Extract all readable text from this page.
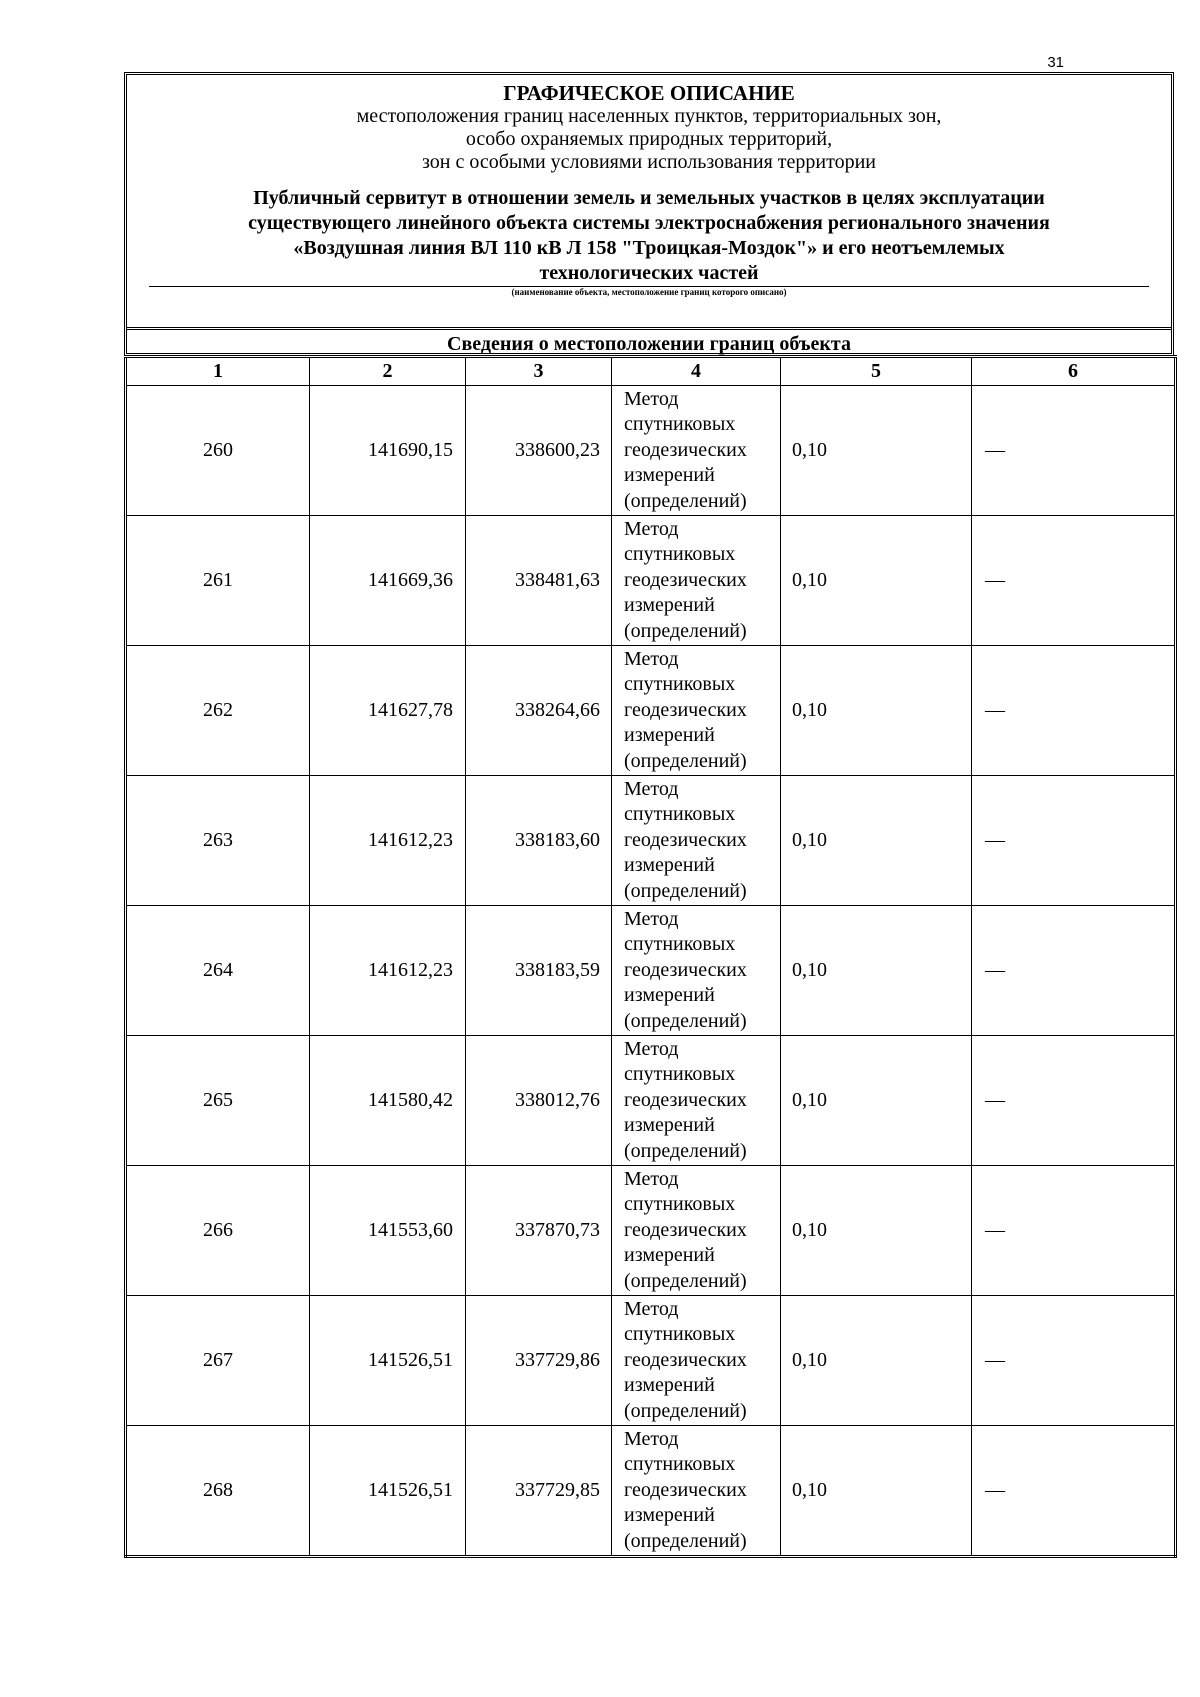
31
ГРАФИЧЕСКОЕ ОПИСАНИЕ
местоположения границ населенных пунктов, территориальных зон,
особо охраняемых природных территорий,
зон с особыми условиями использования территории
Публичный сервитут в отношении земель и земельных участков в целях эксплуатации
существующего линейного объекта системы электроснабжения регионального значения
«Воздушная линия ВЛ 110 кВ Л 158 "Троицкая-Моздок"» и его неотъемлемых
технологических частей
(наименование объекта, местоположение границ которого описано)
Сведения о местоположении границ объекта
1	2	3	4	5	6
260	141690,15	338600,23	Метод
спутниковых
геодезических
измерений
(определений)	0,10	—
261	141669,36	338481,63	Метод
спутниковых
геодезических
измерений
(определений)	0,10	—
262	141627,78	338264,66	Метод
спутниковых
геодезических
измерений
(определений)	0,10	—
263	141612,23	338183,60	Метод
спутниковых
геодезических
измерений
(определений)	0,10	—
264	141612,23	338183,59	Метод
спутниковых
геодезических
измерений
(определений)	0,10	—
265	141580,42	338012,76	Метод
спутниковых
геодезических
измерений
(определений)	0,10	—
266	141553,60	337870,73	Метод
спутниковых
геодезических
измерений
(определений)	0,10	—
267	141526,51	337729,86	Метод
спутниковых
геодезических
измерений
(определений)	0,10	—
268	141526,51	337729,85	Метод
спутниковых
геодезических
измерений
(определений)	0,10	—
